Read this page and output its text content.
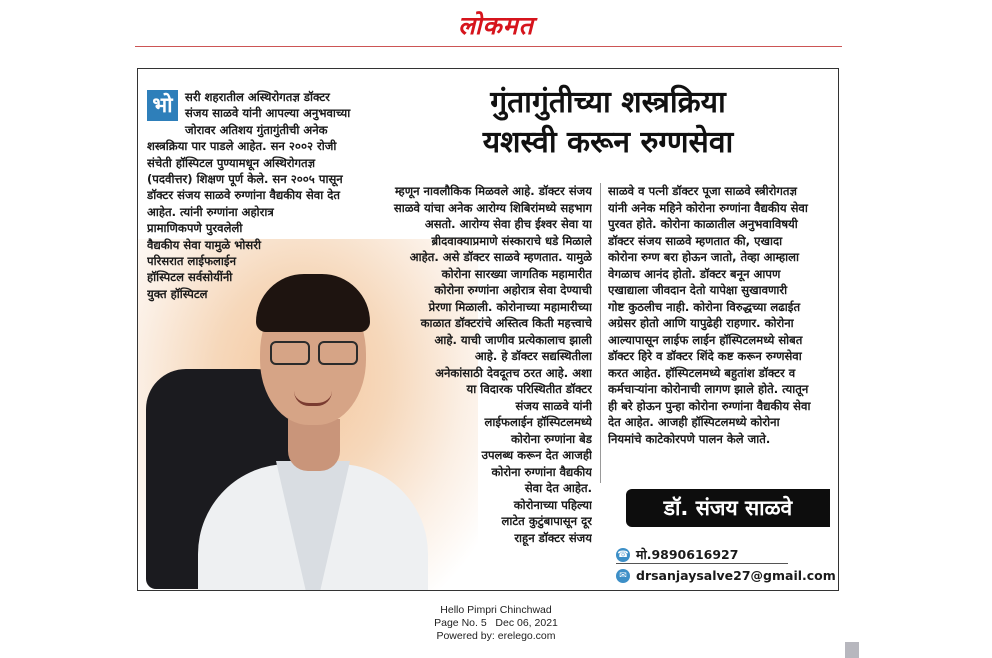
लोकमत
भो	सरी शहरातील अस्थिरोगतज्ञ डॉक्टर
संजय साळवे यांनी आपल्या अनुभवाच्या
जोरावर अतिशय गुंतागुंतीची अनेक
शस्त्रक्रिया पार पाडले आहेत. सन २००२ रोजी
संचेती हॉस्पिटल पुण्यामधून अस्थिरोगतज्ञ
(पदवीत्तर) शिक्षण पूर्ण केले. सन २००५ पासून
डॉक्टर संजय साळवे रुग्णांना वैद्यकीय सेवा देत
आहेत. त्यांनी रुग्णांना अहोरात्र
प्रामाणिकपणे पुरवलेली
वैद्यकीय सेवा यामुळे भोसरी
परिसरात लाईफलाईन
हॉस्पिटल सर्वसोयींनी
युक्त हॉस्पिटल
गुंतागुंतीच्या शस्त्रक्रिया
यशस्वी करून रुग्णसेवा
म्हणून नावलौकिक मिळवले आहे. डॉक्टर संजय
साळवे यांचा अनेक आरोग्य शिबिरांमध्ये सहभाग
असतो. आरोग्य सेवा हीच ईश्वर सेवा या
ब्रीदवाक्याप्रमाणे संस्काराचे धडे मिळाले
आहेत. असे डॉक्टर साळवे म्हणतात. यामुळे
कोरोना सारख्या जागतिक महामारीत
कोरोना रुग्णांना अहोरात्र सेवा देण्याची
प्रेरणा मिळाली. कोरोनाच्या महामारीच्या
काळात डॉक्टरांचे अस्तित्व किती महत्त्वाचे
आहे. याची जाणीव प्रत्येकालाच झाली
आहे. हे डॉक्टर सद्यस्थितीला
अनेकांसाठी देवदूतच ठरत आहे. अशा
या विदारक परिस्थितीत डॉक्टर
संजय साळवे यांनी
लाईफलाईन हॉस्पिटलमध्ये
कोरोना रुग्णांना बेड
उपलब्ध करून देत आजही
कोरोना रुग्णांना वैद्यकीय
सेवा देत आहेत.
कोरोनाच्या पहिल्या
लाटेत कुटुंबापासून दूर
राहून डॉक्टर संजय
साळवे व पत्नी डॉक्टर पूजा साळवे स्त्रीरोगतज्ञ
यांनी अनेक महिने कोरोना रुग्णांना वैद्यकीय सेवा
पुरवत होते. कोरोना काळातील अनुभवाविषयी
डॉक्टर संजय साळवे म्हणतात की, एखादा
कोरोना रुग्ण बरा होऊन जातो, तेव्हा आम्हाला
वेगळाच आनंद होतो. डॉक्टर बनून आपण
एखाद्याला जीवदान देतो यापेक्षा सुखावणारी
गोष्ट कुठलीच नाही. कोरोना विरुद्धच्या लढाईत
अग्रेसर होतो आणि यापुढेही राहणार. कोरोना
आल्यापासून लाईफ लाईन हॉस्पिटलमध्ये सोबत
डॉक्टर हिरे व डॉक्टर शिंदे कष्ट करून रुग्णसेवा
करत आहेत. हॉस्पिटलमध्ये बहुतांश डॉक्टर व
कर्मचाऱ्यांना कोरोनाची लागण झाले होते. त्यातून
ही बरे होऊन पुन्हा कोरोना रुग्णांना वैद्यकीय सेवा
देत आहेत. आजही हॉस्पिटलमध्ये कोरोना
नियमांचे काटेकोरपणे पालन केले जाते.
डॉ. संजय साळवे
☎ मो.9890616927
✉ drsanjaysalve27@gmail.com
Hello Pimpri Chinchwad
Page No. 5   Dec 06, 2021
Powered by: erelego.com
